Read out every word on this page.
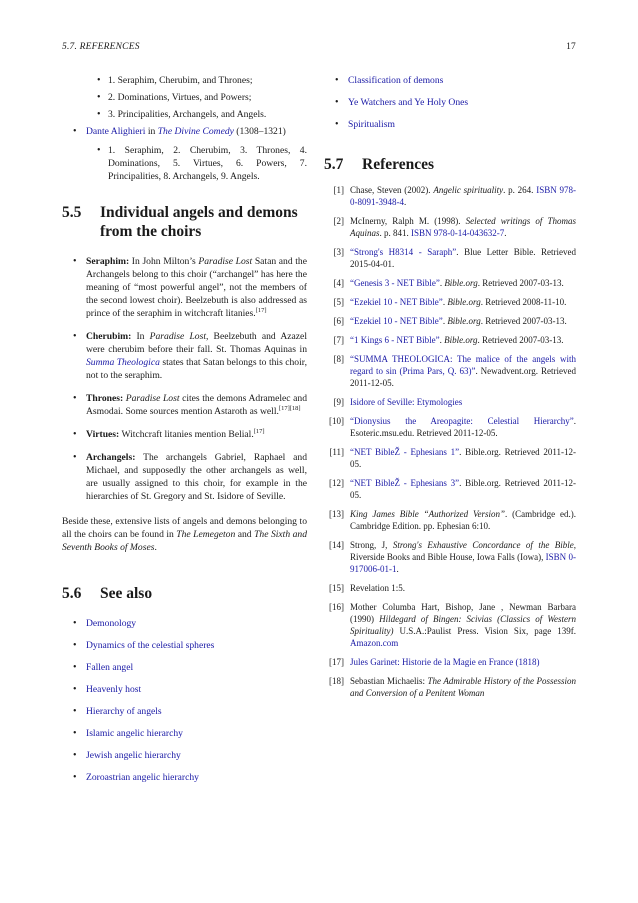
5.7. REFERENCES	17
• 1. Seraphim, Cherubim, and Thrones;
• 2. Dominations, Virtues, and Powers;
• 3. Principalities, Archangels, and Angels.
• Dante Alighieri in The Divine Comedy (1308–1321)
• 1. Seraphim, 2. Cherubim, 3. Thrones, 4. Dominations, 5. Virtues, 6. Powers, 7. Principalities, 8. Archangels, 9. Angels.
5.5	Individual angels and demons from the choirs
• Seraphim: In John Milton’s Paradise Lost Satan and the Archangels belong to this choir (“archangel” has here the meaning of “most powerful angel”, not the members of the second lowest choir). Beelzebuth is also addressed as prince of the seraphim in witchcraft litanies.[17]
• Cherubim: In Paradise Lost, Beelzebuth and Azazel were cherubim before their fall. St. Thomas Aquinas in Summa Theologica states that Satan belongs to this choir, not to the seraphim.
• Thrones: Paradise Lost cites the demons Adramelec and Asmodai. Some sources mention Astaroth as well.[17][18]
• Virtues: Witchcraft litanies mention Belial.[17]
• Archangels: The archangels Gabriel, Raphael and Michael, and supposedly the other archangels as well, are usually assigned to this choir, for example in the hierarchies of St. Gregory and St. Isidore of Seville.

Beside these, extensive lists of angels and demons belonging to all the choirs can be found in The Lemegeton and The Sixth and Seventh Books of Moses.

5.6	See also
• Demonology
• Dynamics of the celestial spheres
• Fallen angel
• Heavenly host
• Hierarchy of angels
• Islamic angelic hierarchy
• Jewish angelic hierarchy
• Zoroastrian angelic hierarchy
• Classification of demons
• Ye Watchers and Ye Holy Ones
• Spiritualism
5.7	References
[1] Chase, Steven (2002). Angelic spirituality. p. 264. ISBN 978-0-8091-3948-4.
[2] McInerny, Ralph M. (1998). Selected writings of Thomas Aquinas. p. 841. ISBN 978-0-14-043632-7.
[3] “Strong's H8314 - Saraph”. Blue Letter Bible. Retrieved 2015-04-01.
[4] “Genesis 3 - NET Bible”. Bible.org. Retrieved 2007-03-13.
[5] “Ezekiel 10 - NET Bible”. Bible.org. Retrieved 2008-11-10.
[6] “Ezekiel 10 - NET Bible”. Bible.org. Retrieved 2007-03-13.
[7] “1 Kings 6 - NET Bible”. Bible.org. Retrieved 2007-03-13.
[8] “SUMMA THEOLOGICA: The malice of the angels with regard to sin (Prima Pars, Q. 63)”. Newadvent.org. Retrieved 2011-12-05.
[9] Isidore of Seville: Etymologies
[10] “Dionysius the Areopagite: Celestial Hierarchy”. Esoteric.msu.edu. Retrieved 2011-12-05.
[11] “NET BibleŽ - Ephesians 1”. Bible.org. Retrieved 2011-12-05.
[12] “NET BibleŽ - Ephesians 3”. Bible.org. Retrieved 2011-12-05.
[13] King James Bible “Authorized Version”. (Cambridge ed.). Cambridge Edition. pp. Ephesian 6:10.
[14] Strong, J, Strong's Exhaustive Concordance of the Bible, Riverside Books and Bible House, Iowa Falls (Iowa), ISBN 0-917006-01-1.
[15] Revelation 1:5.
[16] Mother Columba Hart, Bishop, Jane , Newman Barbara (1990) Hildegard of Bingen: Scivias (Classics of Western Spirituality) U.S.A.:Paulist Press. Vision Six, page 139f. Amazon.com
[17] Jules Garinet: Historie de la Magie en France (1818)
[18] Sebastian Michaelis: The Admirable History of the Possession and Conversion of a Penitent Woman
